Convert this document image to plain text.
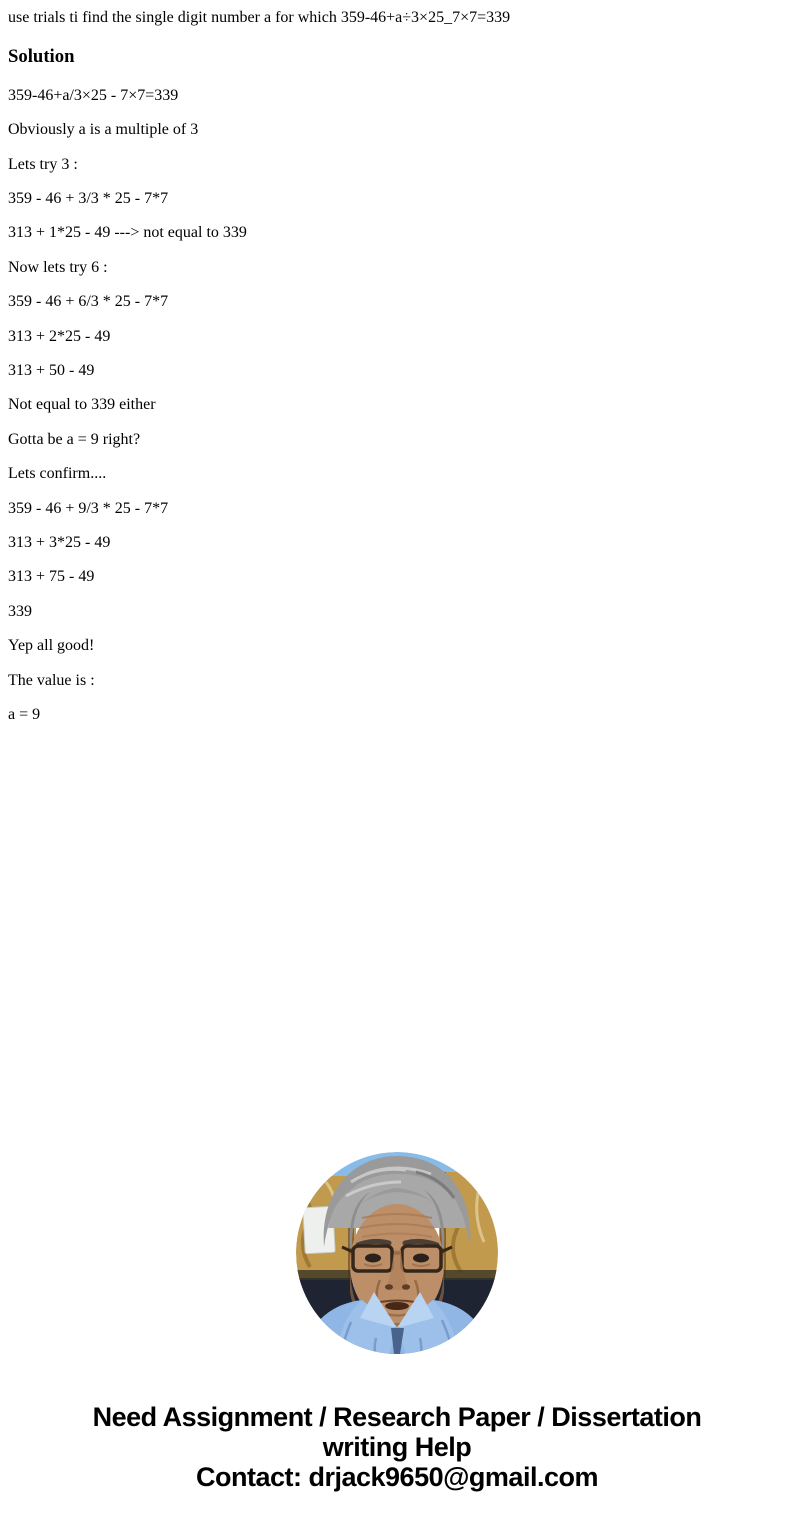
use trials ti find the single digit number a for which 359-46+a÷3×25_7×7=339

Solution

359-46+a/3×25 - 7×7=339

Obviously a is a multiple of 3

Lets try 3 :

359 - 46 + 3/3 * 25 - 7*7

313 + 1*25 - 49 ---> not equal to 339

Now lets try 6 :

359 - 46 + 6/3 * 25 - 7*7

313 + 2*25 - 49

313 + 50 - 49

Not equal to 339 either

Gotta be a = 9 right?

Lets confirm....

359 - 46 + 9/3 * 25 - 7*7

313 + 3*25 - 49

313 + 75 - 49

339

Yep all good!

The value is :

a = 9

Need Assignment / Research Paper / Dissertation
writing Help
Contact: drjack9650@gmail.com
